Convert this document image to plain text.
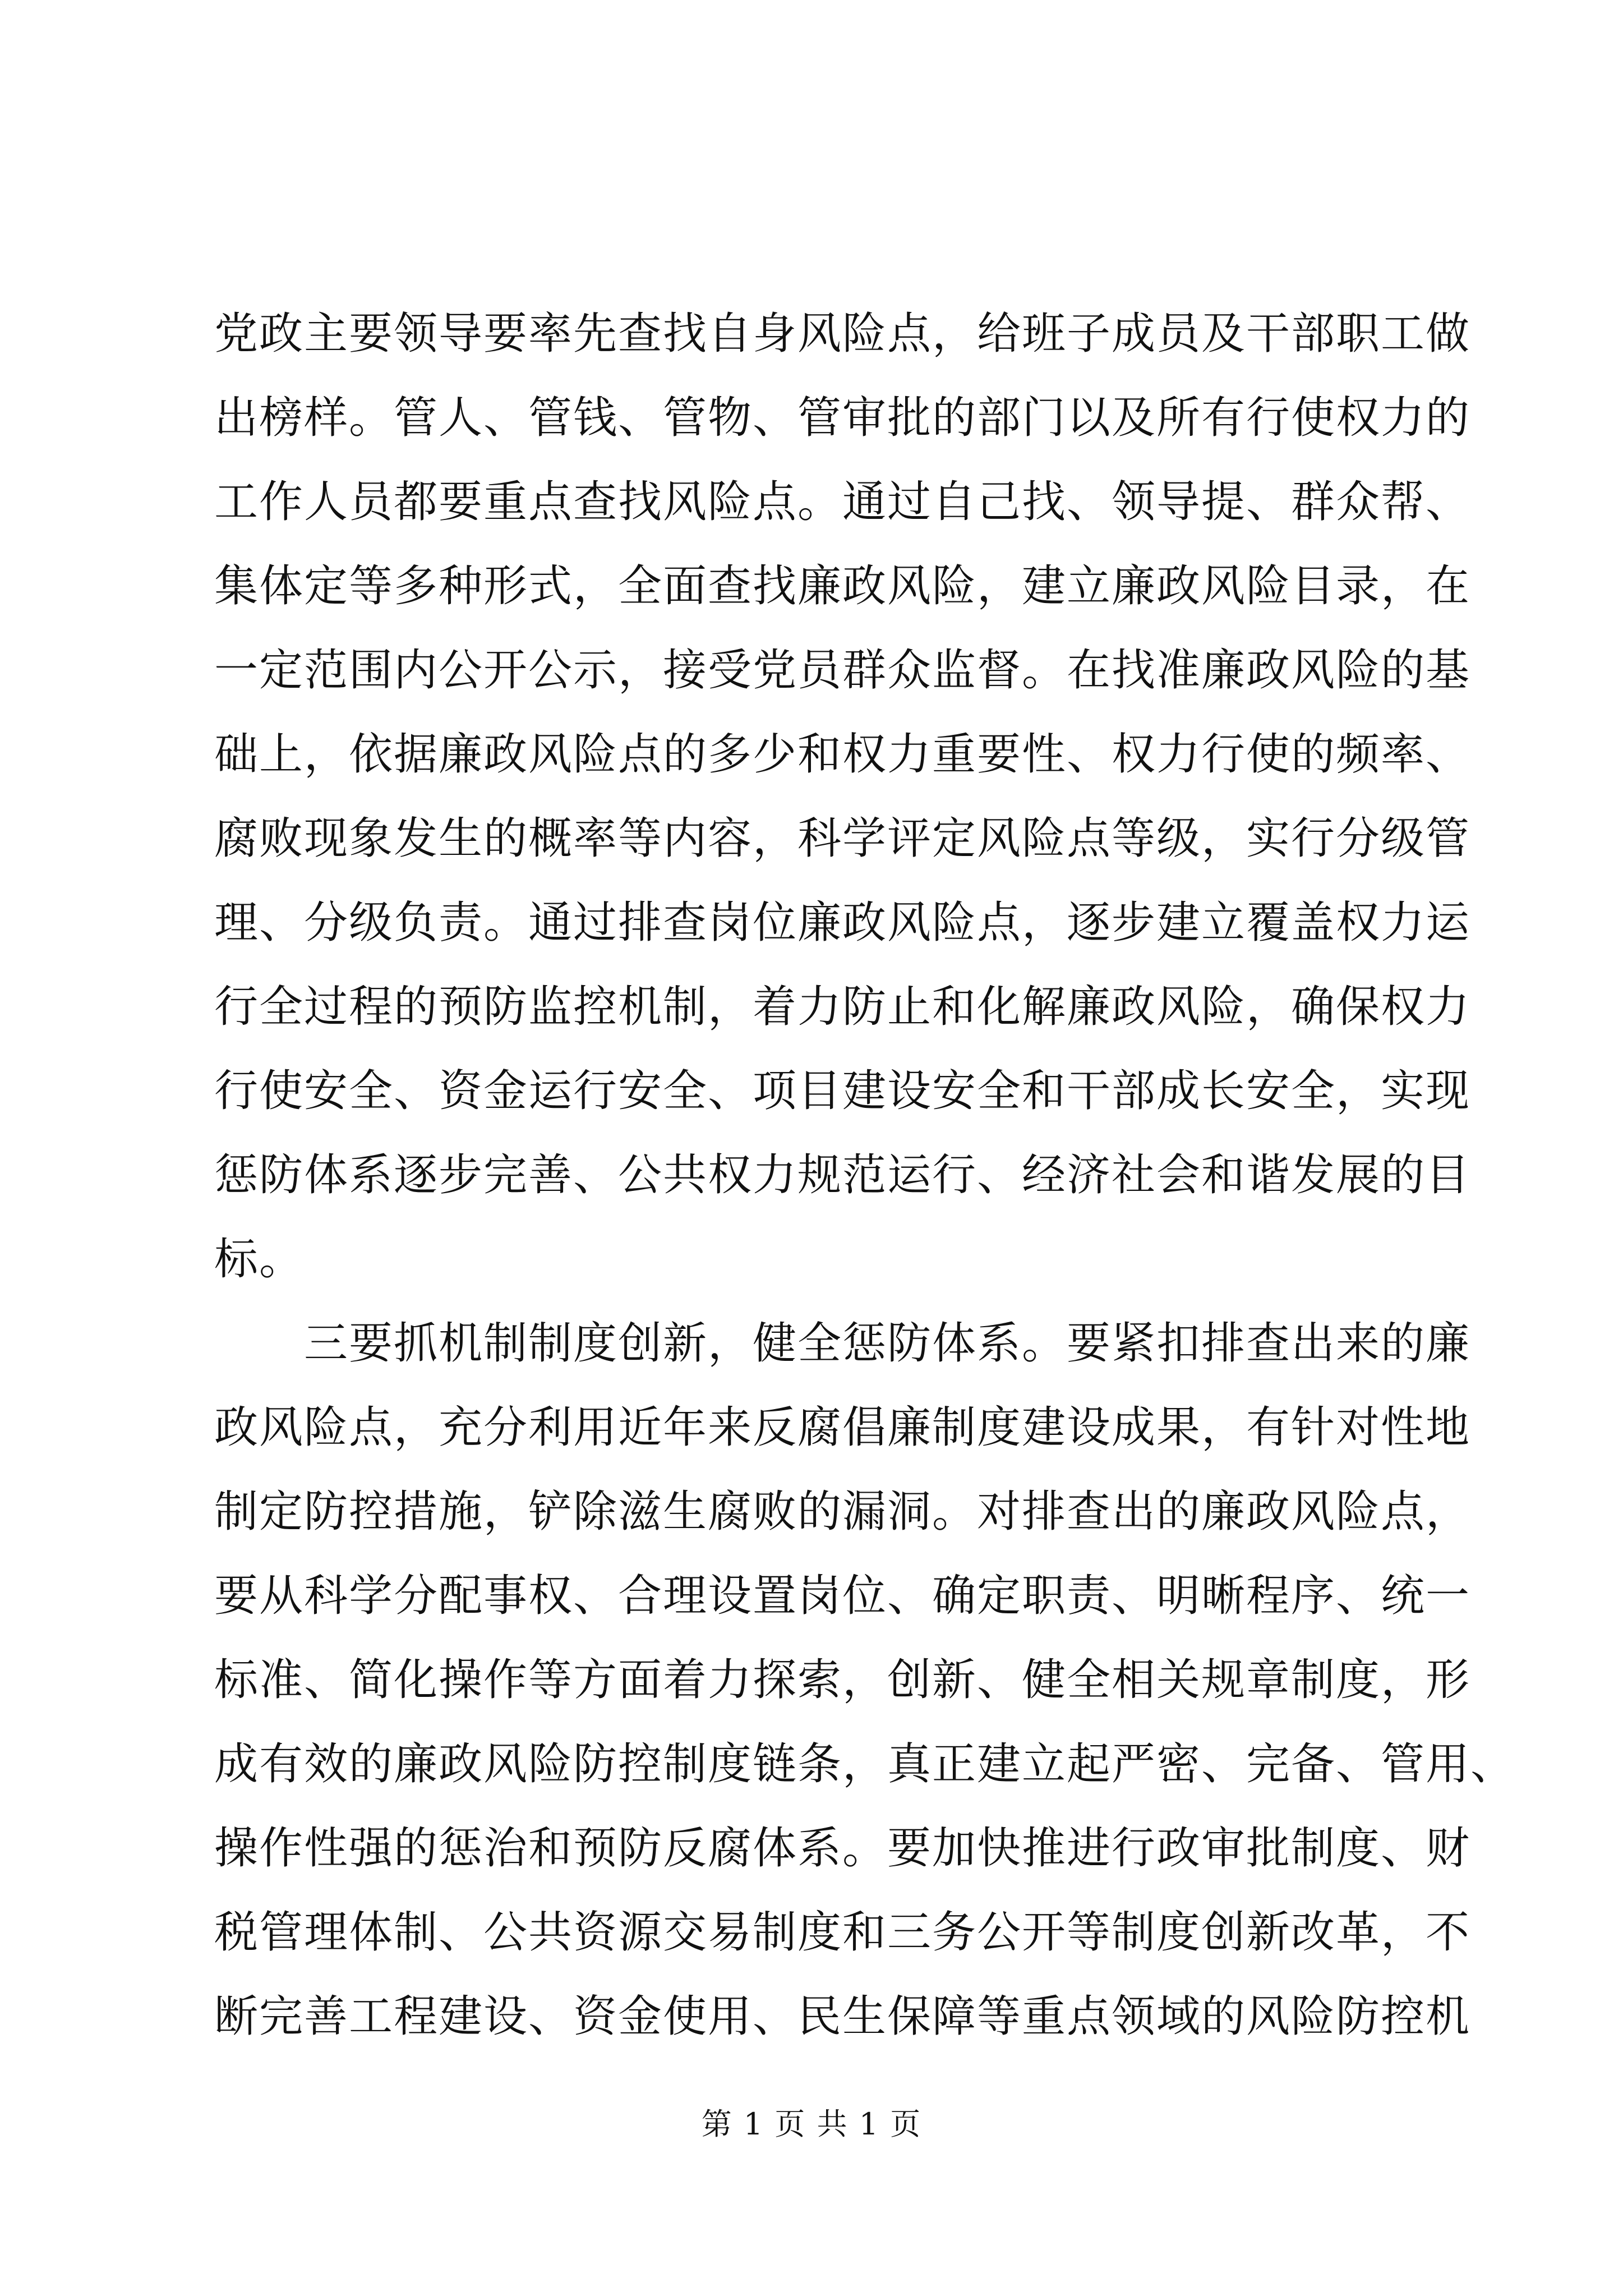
党政主要领导要率先查找自身风险点，给班子成员及干部职工做
出榜样。管人、管钱、管物、管审批的部门以及所有行使权力的
工作人员都要重点查找风险点。通过自己找、领导提、群众帮、
集体定等多种形式，全面查找廉政风险，建立廉政风险目录，在
一定范围内公开公示，接受党员群众监督。在找准廉政风险的基
础上，依据廉政风险点的多少和权力重要性、权力行使的频率、
腐败现象发生的概率等内容，科学评定风险点等级，实行分级管
理、分级负责。通过排查岗位廉政风险点，逐步建立覆盖权力运
行全过程的预防监控机制，着力防止和化解廉政风险，确保权力
行使安全、资金运行安全、项目建设安全和干部成长安全，实现
惩防体系逐步完善、公共权力规范运行、经济社会和谐发展的目
标。
三要抓机制制度创新，健全惩防体系。要紧扣排查出来的廉
政风险点，充分利用近年来反腐倡廉制度建设成果，有针对性地
制定防控措施，铲除滋生腐败的漏洞。对排查出的廉政风险点，
要从科学分配事权、合理设置岗位、确定职责、明晰程序、统一
标准、简化操作等方面着力探索，创新、健全相关规章制度，形
成有效的廉政风险防控制度链条，真正建立起严密、完备、管用、
操作性强的惩治和预防反腐体系。要加快推进行政审批制度、财
税管理体制、公共资源交易制度和三务公开等制度创新改革，不
断完善工程建设、资金使用、民生保障等重点领域的风险防控机
第 1 页 共 1 页
